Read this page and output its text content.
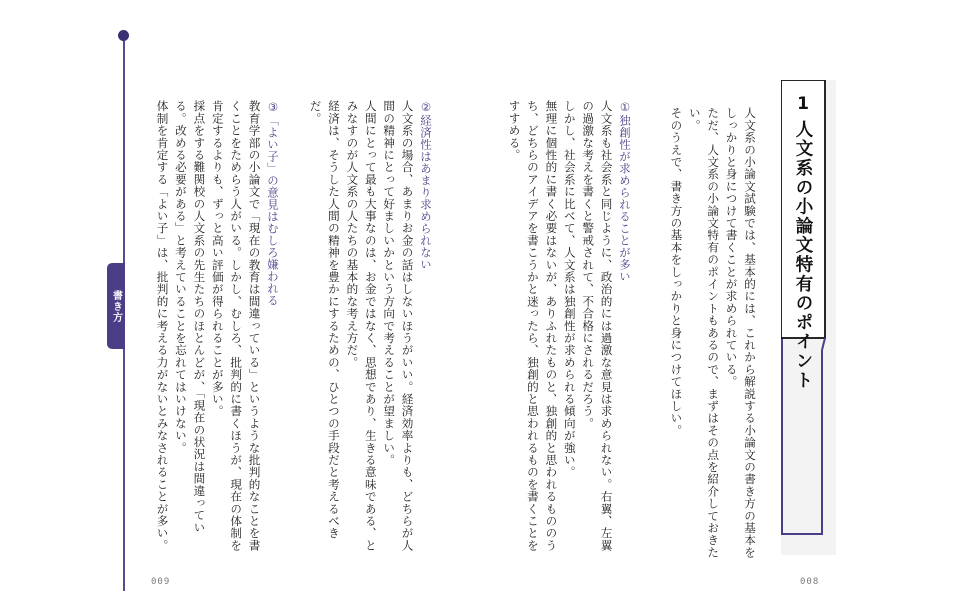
書き方
1
人文系の小論文特有のポイント

人文系の小論文試験では、基本的には、これから解説する小論文の書き方の基本をしっかりと身につけて書くことが求められている。

ただ、人文系の小論文特有のポイントもあるので、まずはその点を紹介しておきたい。

そのうえで、書き方の基本をしっかりと身につけてほしい。

①独創性が求められることが多い

人文系も社会系と同じように、政治的には過激な意見は求められない。右翼、左翼の過激な考えを書くと警戒されて、不合格にされるだろう。

しかし、社会系に比べて、人文系は独創性が求められる傾向が強い。

無理に個性的に書く必要はないが、ありふれたものと、独創的と思われるもののうち、どちらのアイデアを書こうかと迷ったら、独創的と思われるものを書くことをすすめる。

②経済性はあまり求められない

人文系の場合、あまりお金の話はしないほうがいい。経済効率よりも、どちらが人間の精神にとって好ましいかという方向で考えることが望ましい。

人間にとって最も大事なのは、お金ではなく、思想であり、生きる意味である、とみなすのが人文系の人たちの基本的な考え方だ。

経済は、そうした人間の精神を豊かにするための、ひとつの手段だと考えるべきだ。

③「よい子」の意見はむしろ嫌われる

教育学部の小論文で「現在の教育は間違っている」というような批判的なことを書くことをためらう人がいる。しかし、むしろ、批判的に書くほうが、現在の体制を肯定するよりも、ずっと高い評価が得られることが多い。

採点をする難関校の人文系の先生たちのほとんどが、「現在の状況は間違っている。改める必要がある」と考えていることを忘れてはいけない。

体制を肯定する「よい子」は、批判的に考える力がないとみなされることが多い。

009	008
